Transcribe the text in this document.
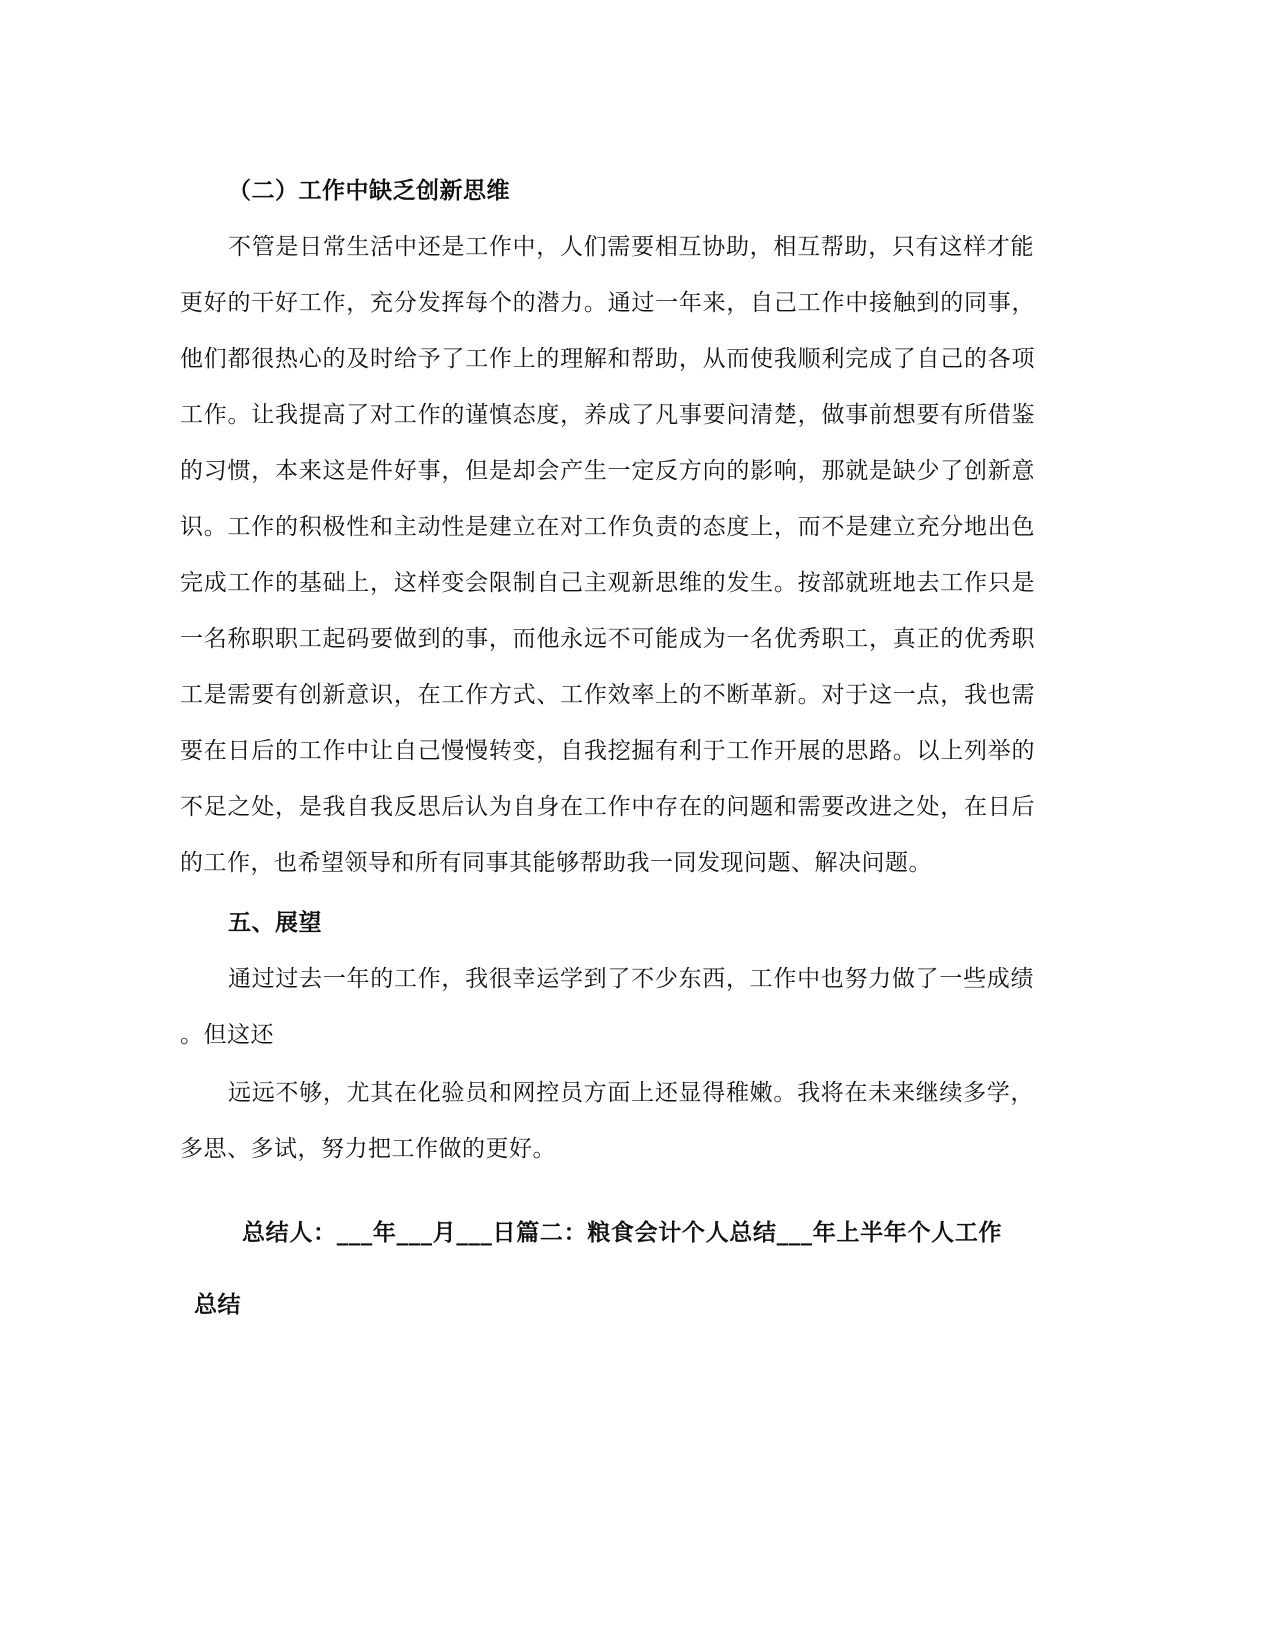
（二）工作中缺乏创新思维
不管是日常生活中还是工作中，人们需要相互协助，相互帮助，只有这样才能
更好的干好工作，充分发挥每个的潜力。通过一年来，自己工作中接触到的同事，
他们都很热心的及时给予了工作上的理解和帮助，从而使我顺利完成了自己的各项
工作。让我提高了对工作的谨慎态度，养成了凡事要问清楚，做事前想要有所借鉴
的习惯，本来这是件好事，但是却会产生一定反方向的影响，那就是缺少了创新意
识。工作的积极性和主动性是建立在对工作负责的态度上，而不是建立充分地出色
完成工作的基础上，这样变会限制自己主观新思维的发生。按部就班地去工作只是
一名称职职工起码要做到的事，而他永远不可能成为一名优秀职工，真正的优秀职
工是需要有创新意识，在工作方式、工作效率上的不断革新。对于这一点，我也需
要在日后的工作中让自己慢慢转变，自我挖掘有利于工作开展的思路。以上列举的
不足之处，是我自我反思后认为自身在工作中存在的问题和需要改进之处，在日后
的工作，也希望领导和所有同事其能够帮助我一同发现问题、解决问题。
五、展望
通过过去一年的工作，我很幸运学到了不少东西，工作中也努力做了一些成绩
。但这还
远远不够，尤其在化验员和网控员方面上还显得稚嫩。我将在未来继续多学，
多思、多试，努力把工作做的更好。
总结人：___年___月___日篇二：粮食会计个人总结___年上半年个人工作
总结
